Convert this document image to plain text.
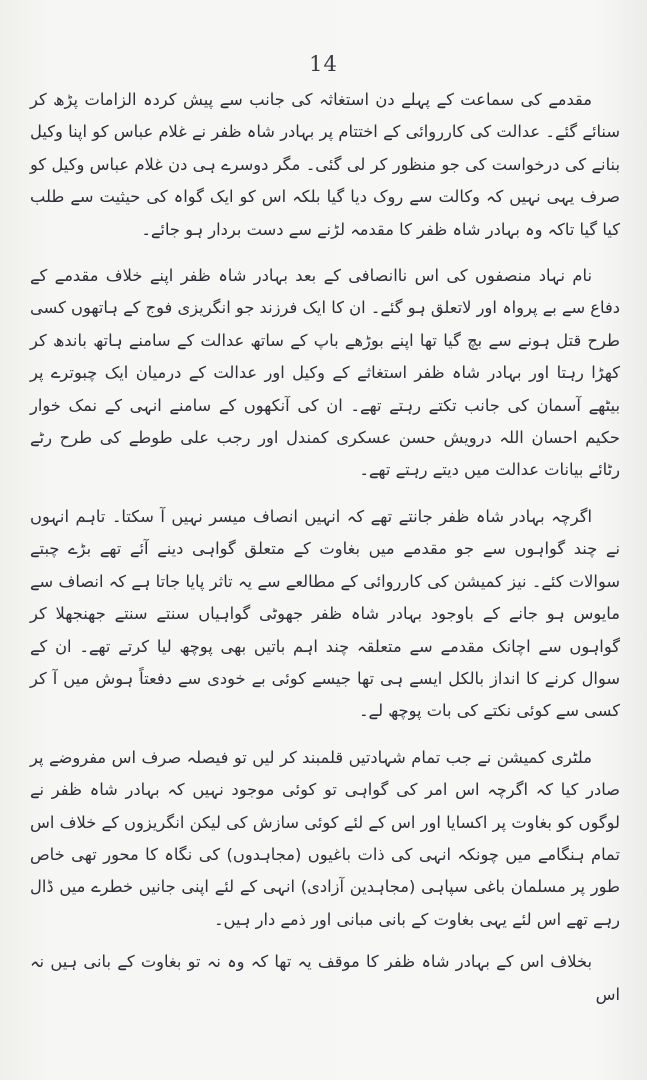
14

مقدمے کی سماعت کے پہلے دن استغاثہ کی جانب سے پیش کردہ الزامات پڑھ کر سنائے گئے۔ عدالت کی کارروائی کے اختتام پر بہادر شاہ ظفر نے غلام عباس کو اپنا وکیل بنانے کی درخواست کی جو منظور کر لی گئی۔ مگر دوسرے ہی دن غلام عباس وکیل کو صرف یہی نہیں کہ وکالت سے روک دیا گیا بلکہ اس کو ایک گواہ کی حیثیت سے طلب کیا گیا تاکہ وہ بہادر شاہ ظفر کا مقدمہ لڑنے سے دست بردار ہو جائے۔

نام نہاد منصفوں کی اس ناانصافی کے بعد بہادر شاہ ظفر اپنے خلاف مقدمے کے دفاع سے بے پرواہ اور لاتعلق ہو گئے۔ ان کا ایک فرزند جو انگریزی فوج کے ہاتھوں کسی طرح قتل ہونے سے بچ گیا تھا اپنے بوڑھے باپ کے ساتھ عدالت کے سامنے ہاتھ باندھ کر کھڑا رہتا اور بہادر شاہ ظفر استغاثے کے وکیل اور عدالت کے درمیان ایک چبوترے پر بیٹھے آسمان کی جانب تکتے رہتے تھے۔ ان کی آنکھوں کے سامنے انہی کے نمک خوار حکیم احسان اللہ درویش حسن عسکری کمندل اور رجب علی طوطے کی طرح رٹے رٹائے بیانات عدالت میں دیتے رہتے تھے۔

اگرچہ بہادر شاہ ظفر جانتے تھے کہ انہیں انصاف میسر نہیں آ سکتا۔ تاہم انہوں نے چند گواہوں سے جو مقدمے میں بغاوت کے متعلق گواہی دینے آئے تھے بڑے چبتے سوالات کئے۔ نیز کمیشن کی کارروائی کے مطالعے سے یہ تاثر پایا جاتا ہے کہ انصاف سے مایوس ہو جانے کے باوجود بہادر شاہ ظفر جھوٹی گواہیاں سنتے سنتے جھنجھلا کر گواہوں سے اچانک مقدمے سے متعلقہ چند اہم باتیں بھی پوچھ لیا کرتے تھے۔ ان کے سوال کرنے کا انداز بالکل ایسے ہی تھا جیسے کوئی بے خودی سے دفعتاً ہوش میں آ کر کسی سے کوئی نکتے کی بات پوچھ لے۔

ملٹری کمیشن نے جب تمام شہادتیں قلمبند کر لیں تو فیصلہ صرف اس مفروضے پر صادر کیا کہ اگرچہ اس امر کی گواہی تو کوئی موجود نہیں کہ بہادر شاہ ظفر نے لوگوں کو بغاوت پر اکسایا اور اس کے لئے کوئی سازش کی لیکن انگریزوں کے خلاف اس تمام ہنگامے میں چونکہ انہی کی ذات باغیوں (مجاہدوں) کی نگاہ کا محور تھی خاص طور پر مسلمان باغی سپاہی (مجاہدین آزادی) انہی کے لئے اپنی جانیں خطرے میں ڈال رہے تھے اس لئے یہی بغاوت کے بانی مبانی اور ذمے دار ہیں۔

بخلاف اس کے بہادر شاہ ظفر کا موقف یہ تھا کہ وہ نہ تو بغاوت کے بانی ہیں نہ اس
